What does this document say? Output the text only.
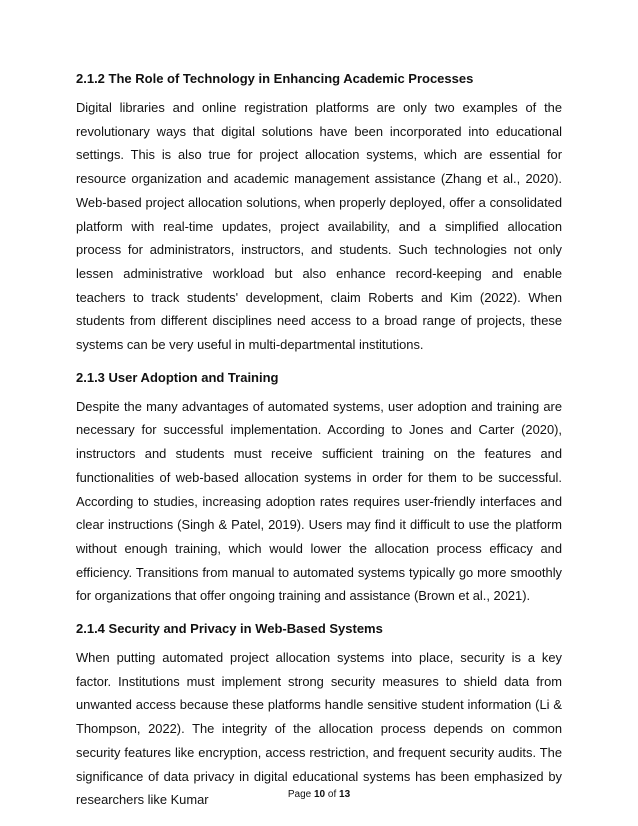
2.1.2 The Role of Technology in Enhancing Academic Processes

Digital libraries and online registration platforms are only two examples of the revolutionary ways that digital solutions have been incorporated into educational settings. This is also true for project allocation systems, which are essential for resource organization and academic management assistance (Zhang et al., 2020). Web-based project allocation solutions, when properly deployed, offer a consolidated platform with real-time updates, project availability, and a simplified allocation process for administrators, instructors, and students. Such technologies not only lessen administrative workload but also enhance record-keeping and enable teachers to track students' development, claim Roberts and Kim (2022). When students from different disciplines need access to a broad range of projects, these systems can be very useful in multi-departmental institutions.

2.1.3 User Adoption and Training

Despite the many advantages of automated systems, user adoption and training are necessary for successful implementation. According to Jones and Carter (2020), instructors and students must receive sufficient training on the features and functionalities of web-based allocation systems in order for them to be successful. According to studies, increasing adoption rates requires user-friendly interfaces and clear instructions (Singh & Patel, 2019). Users may find it difficult to use the platform without enough training, which would lower the allocation process efficacy and efficiency. Transitions from manual to automated systems typically go more smoothly for organizations that offer ongoing training and assistance (Brown et al., 2021).

2.1.4 Security and Privacy in Web-Based Systems

When putting automated project allocation systems into place, security is a key factor. Institutions must implement strong security measures to shield data from unwanted access because these platforms handle sensitive student information (Li & Thompson, 2022). The integrity of the allocation process depends on common security features like encryption, access restriction, and frequent security audits. The significance of data privacy in digital educational systems has been emphasized by researchers like Kumar	Page 10 of 13
